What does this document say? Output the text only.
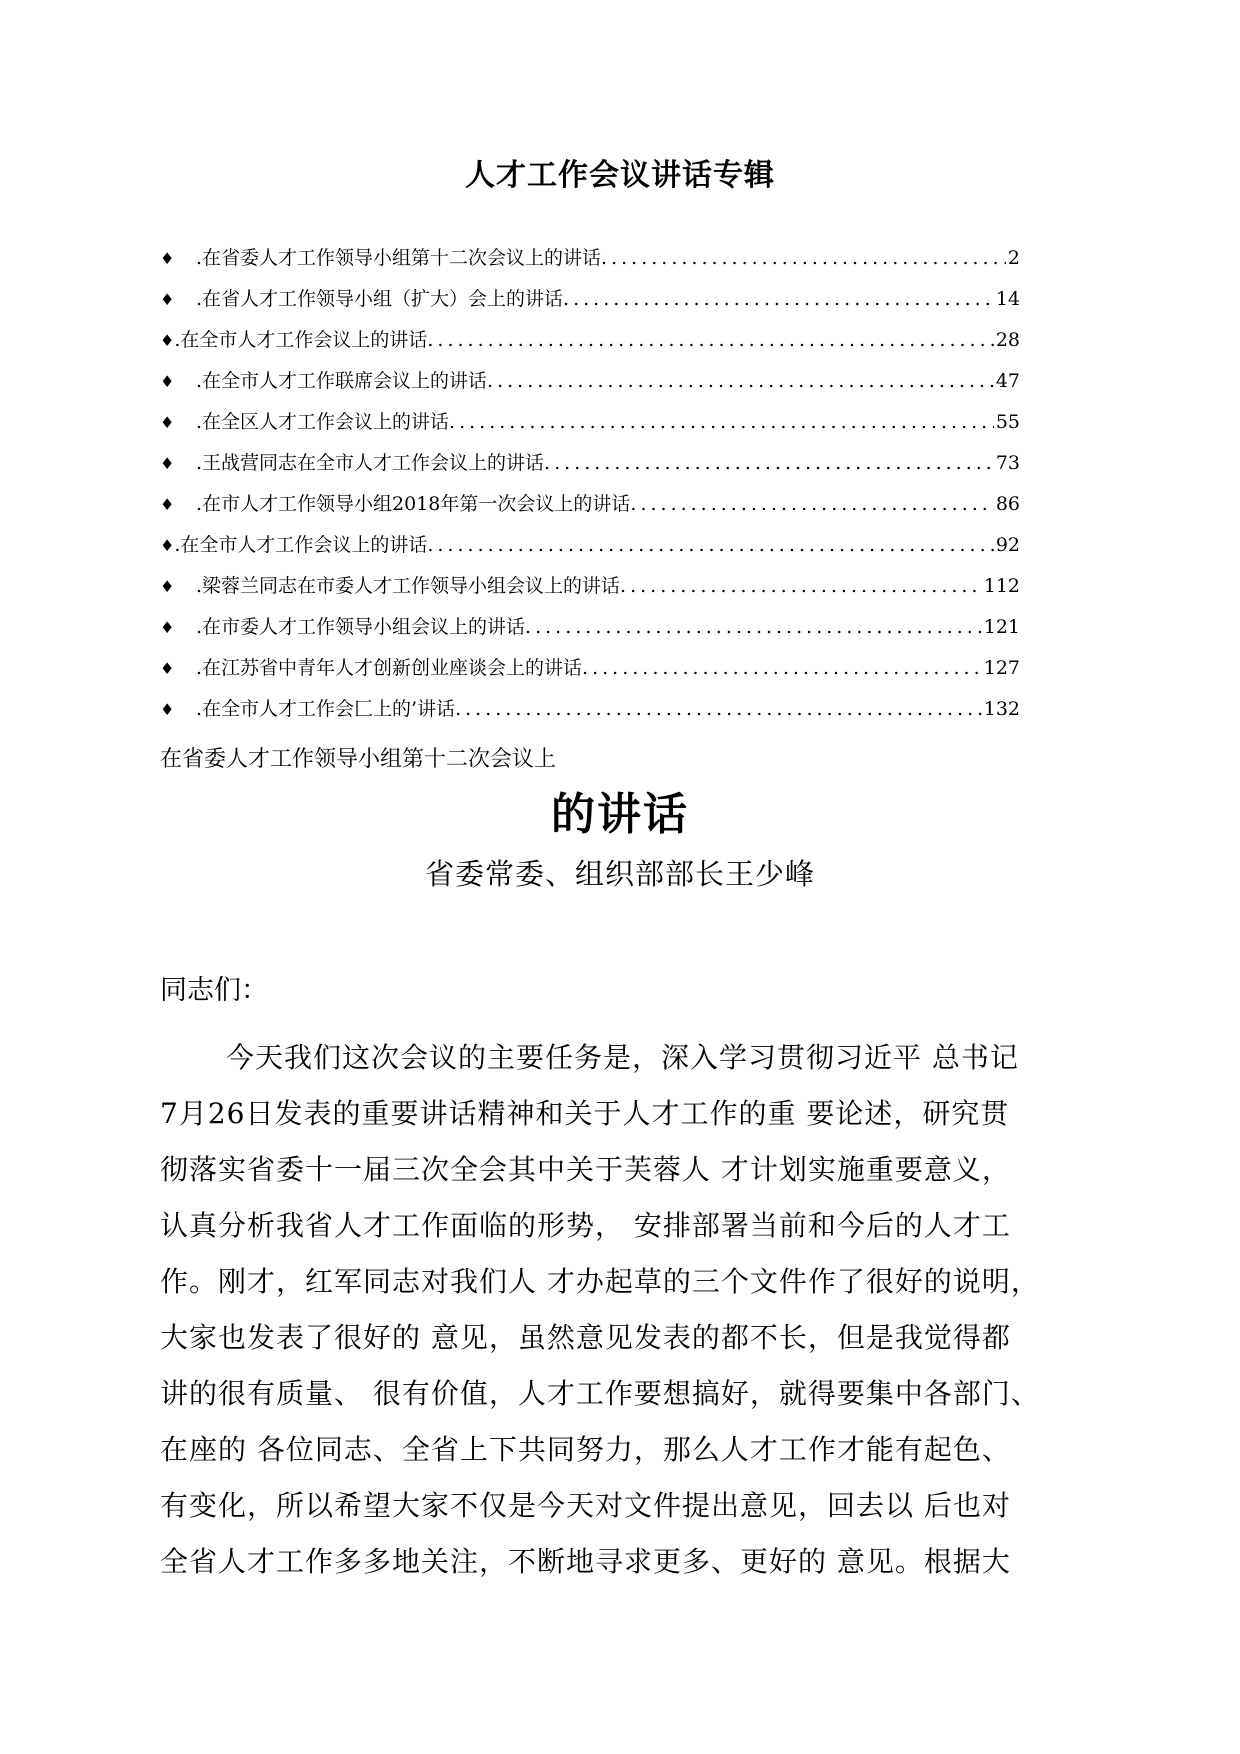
人才工作会议讲话专辑
♦	.在省委人才工作领导小组第十二次会议上的讲话 .....	2
♦	.在省人才工作领导小组（扩大）会上的讲话 .....	14
♦ .在全市人才工作会议上的讲话 .....	28
♦	.在全市人才工作联席会议上的讲话 .....	47
♦	.在全区人才工作会议上的讲话 .....	55
♦	.王战营同志在全市人才工作会议上的讲话 .....	73
♦	.在市人才工作领导小组2018年第一次会议上的讲话 .....	86
♦ .在全市人才工作会议上的讲话 .....	92
♦	.梁蓉兰同志在市委人才工作领导小组会议上的讲话 .....	112
♦	.在市委人才工作领导小组会议上的讲话 .....	121
♦	.在江苏省中青年人才创新创业座谈会上的讲话 .....	127
♦	.在全市人才工作会匚上的’讲话 .....	132
在省委人才工作领导小组第十二次会议上
的讲话
省委常委、组织部部长王少峰
同志们：
今天我们这次会议的主要任务是，深入学习贯彻习近平 总书记
7月26日发表的重要讲话精神和关于人才工作的重 要论述，研究贯
彻落实省委十一届三次全会其中关于芙蓉人 才计划实施重要意义，
认真分析我省人才工作面临的形势， 安排部署当前和今后的人才工
作。刚才，红军同志对我们人 才办起草的三个文件作了很好的说明，
大家也发表了很好的 意见，虽然意见发表的都不长，但是我觉得都
讲的很有质量、 很有价值，人才工作要想搞好，就得要集中各部门、
在座的 各位同志、全省上下共同努力，那么人才工作才能有起色、
有变化，所以希望大家不仅是今天对文件提出意见，回去以 后也对
全省人才工作多多地关注，不断地寻求更多、更好的 意见。根据大
